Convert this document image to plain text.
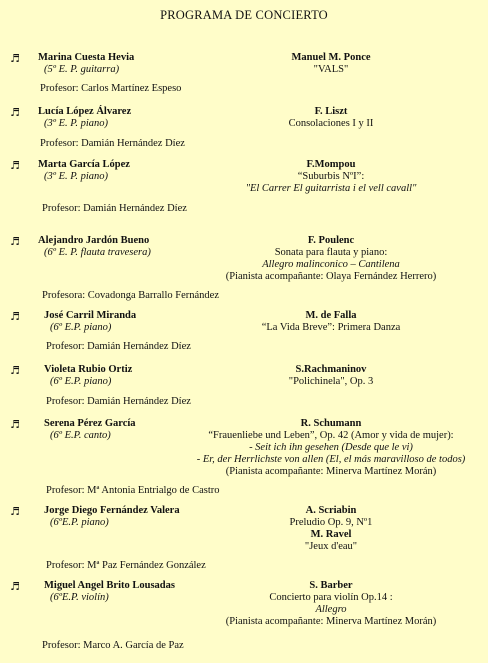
PROGRAMA DE CONCIERTO
♬ Marina Cuesta Hevia
(5º E. P. guitarra)
Manuel M. Ponce
"VALS"
Profesor: Carlos Martínez Espeso
♬ Lucía López Álvarez
(3º E. P. piano)
F. Liszt
Consolaciones I y II
Profesor: Damián Hernández Díez
♬ Marta García López
(3º E. P. piano)
F.Mompou
“Suburbis NºI”:
"El Carrer El guitarrista i el vell cavall"
Profesor: Damián Hernández Díez
♬ Alejandro Jardón Bueno
(6º E. P. flauta travesera)
F. Poulenc
Sonata para flauta y piano:
Allegro malinconico – Cantilena
(Pianista acompañante: Olaya Fernández Herrero)
Profesora: Covadonga Barrallo Fernández
♬ José Carril Miranda
(6º E.P. piano)
M. de Falla
“La Vida Breve”: Primera Danza
Profesor: Damián Hernández Díez
♬ Violeta Rubio Ortiz
(6º E.P. piano)
S.Rachmaninov
"Polichinela", Op. 3
Profesor: Damián Hernández Díez
♬ Serena Pérez García
(6º E.P. canto)
R. Schumann
“Frauenliebe und Leben”, Op. 42 (Amor y vida de mujer):
- Seit ich ihn gesehen (Desde que le vi)
- Er, der Herrlichste von allen (El, el más maravilloso de todos)
(Pianista acompañante: Minerva Martínez Morán)
Profesor: Mª Antonia Entrialgo de Castro
♬ Jorge Diego Fernández Valera
(6ºE.P. piano)
A. Scriabin
Preludio Op. 9, Nº1
M. Ravel
"Jeux d'eau"
Profesor: Mª Paz Fernández González
♬ Miguel Angel Brito Lousadas
(6ºE.P. violín)
S. Barber
Concierto para violín Op.14 :
Allegro
(Pianista acompañante: Minerva Martínez Morán)
Profesor: Marco A. García de Paz
